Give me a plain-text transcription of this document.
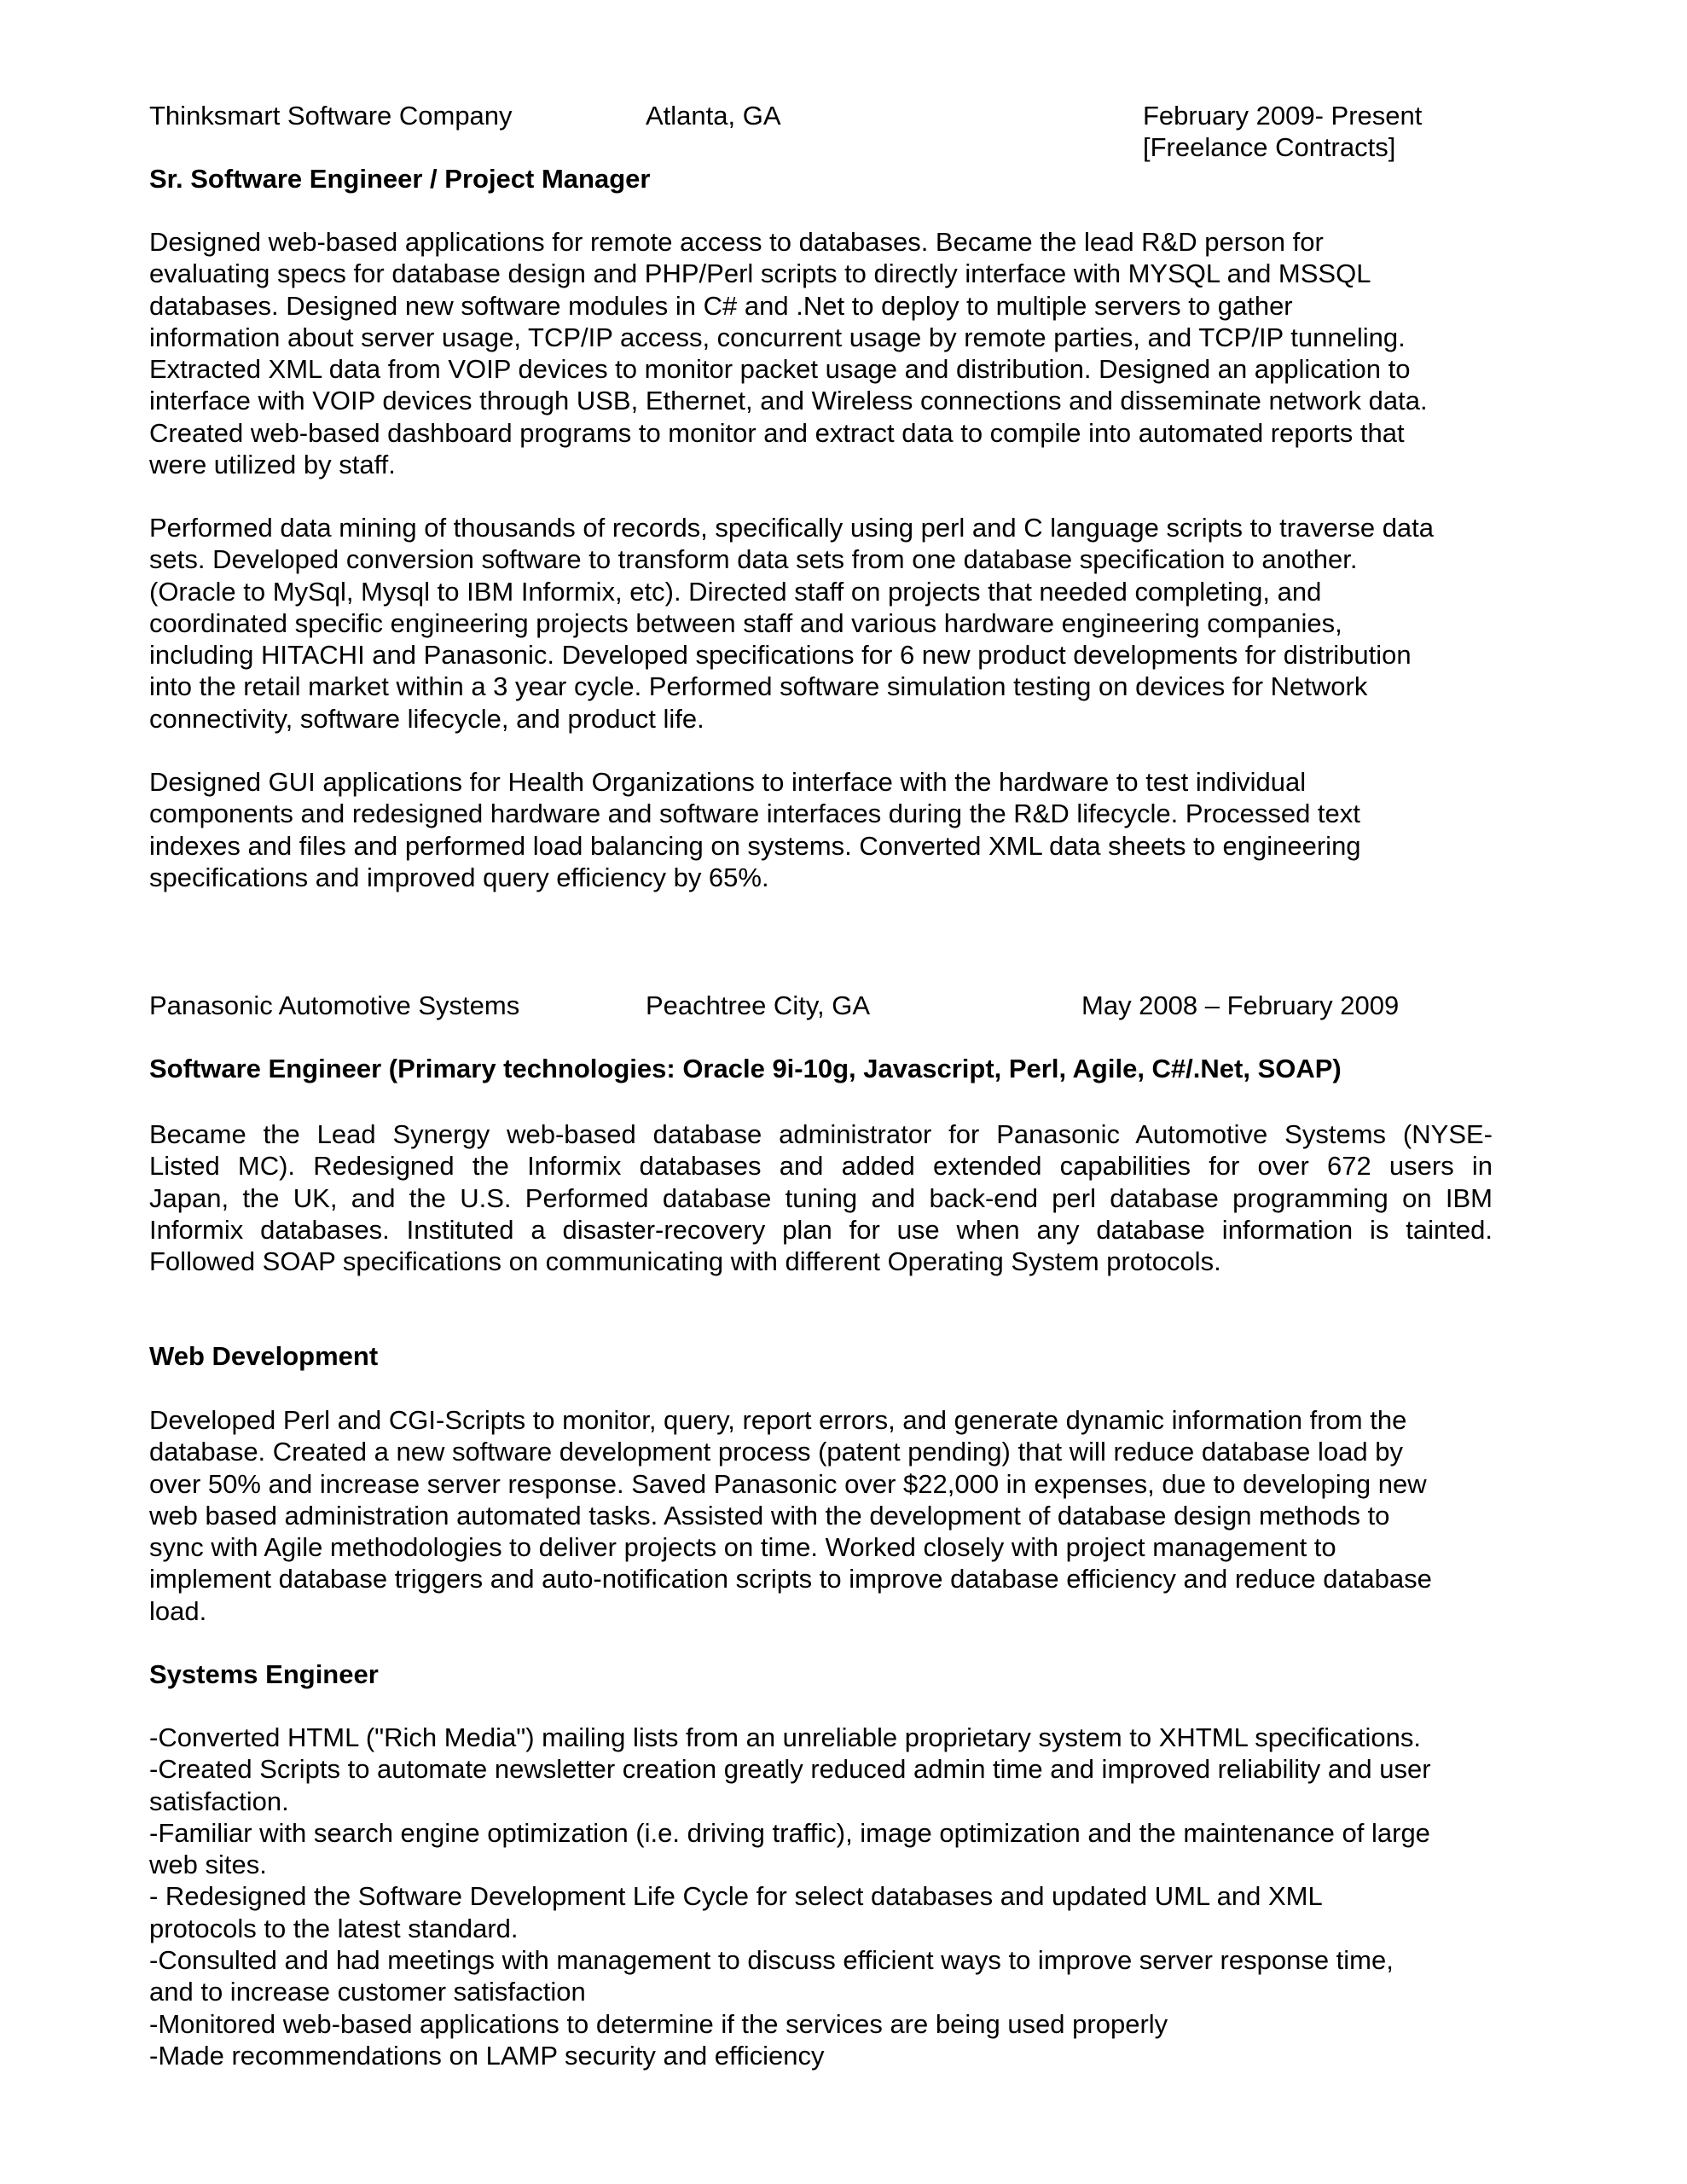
Thinksmart Software Company	Atlanta, GA	February 2009- Present
[Freelance Contracts]
Sr. Software Engineer / Project Manager
Designed web-based applications for remote access to databases. Became the lead R&D person for
evaluating specs for database design and PHP/Perl scripts to directly interface with MYSQL and MSSQL
databases. Designed new software modules in C# and .Net to deploy to multiple servers to gather
information about server usage, TCP/IP access, concurrent usage by remote parties, and TCP/IP tunneling.
Extracted XML data from VOIP devices to monitor packet usage and distribution. Designed an application to
interface with VOIP devices through USB, Ethernet, and Wireless connections and disseminate network data.
Created web-based dashboard programs to monitor and extract data to compile into automated reports that
were utilized by staff.
Performed data mining of thousands of records, specifically using perl and C language scripts to traverse data
sets. Developed conversion software to transform data sets from one database specification to another.
(Oracle to MySql, Mysql to IBM Informix, etc). Directed staff on projects that needed completing, and
coordinated specific engineering projects between staff and various hardware engineering companies,
including HITACHI and Panasonic. Developed specifications for 6 new product developments for distribution
into the retail market within a 3 year cycle. Performed software simulation testing on devices for Network
connectivity, software lifecycle, and product life.
Designed GUI applications for Health Organizations to interface with the hardware to test individual
components and redesigned hardware and software interfaces during the R&D lifecycle. Processed text
indexes and files and performed load balancing on systems. Converted XML data sheets to engineering
specifications and improved query efficiency by 65%.
Panasonic Automotive Systems	Peachtree City, GA	May 2008 – February 2009
Software Engineer (Primary technologies: Oracle 9i-10g, Javascript, Perl, Agile, C#/.Net, SOAP)
Became the Lead Synergy web-based database administrator for Panasonic Automotive Systems (NYSE-
Listed MC). Redesigned the Informix databases and added extended capabilities for over 672 users in
Japan, the UK, and the U.S. Performed database tuning and back-end perl database programming on IBM
Informix databases. Instituted a disaster-recovery plan for use when any database information is tainted.
Followed SOAP specifications on communicating with different Operating System protocols.
Web Development
Developed Perl and CGI-Scripts to monitor, query, report errors, and generate dynamic information from the
database. Created a new software development process (patent pending) that will reduce database load by
over 50% and increase server response. Saved Panasonic over $22,000 in expenses, due to developing new
web based administration automated tasks. Assisted with the development of database design methods to
sync with Agile methodologies to deliver projects on time. Worked closely with project management to
implement database triggers and auto-notification scripts to improve database efficiency and reduce database
load.
Systems Engineer
-Converted HTML ("Rich Media") mailing lists from an unreliable proprietary system to XHTML specifications.
-Created Scripts to automate newsletter creation greatly reduced admin time and improved reliability and user
satisfaction.
-Familiar with search engine optimization (i.e. driving traffic), image optimization and the maintenance of large
web sites.
- Redesigned the Software Development Life Cycle for select databases and updated UML and XML
protocols to the latest standard.
-Consulted and had meetings with management to discuss efficient ways to improve server response time,
and to increase customer satisfaction
-Monitored web-based applications to determine if the services are being used properly
-Made recommendations on LAMP security and efficiency
